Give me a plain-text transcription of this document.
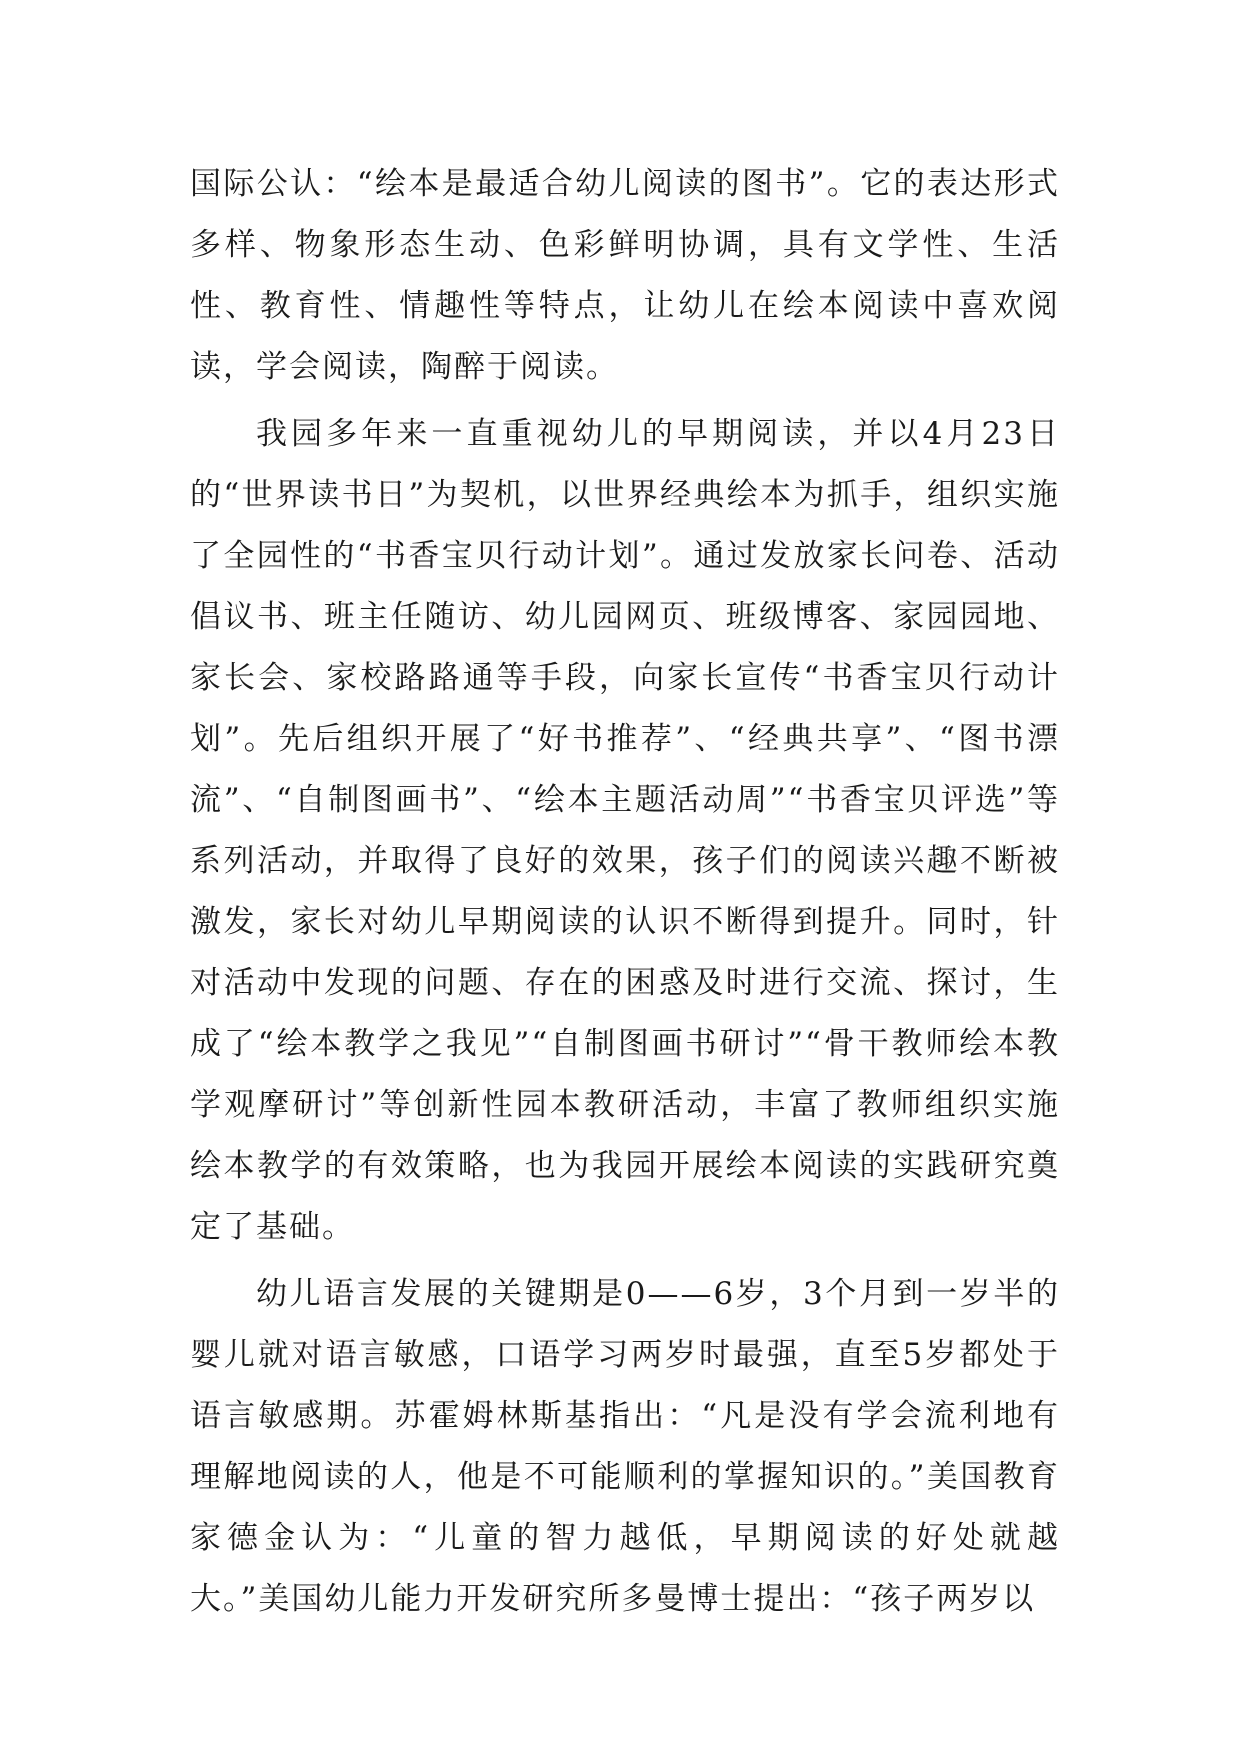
国际公认：“绘本是最适合幼儿阅读的图书”。它的表达形式多样、物象形态生动、色彩鲜明协调，具有文学性、生活性、教育性、情趣性等特点，让幼儿在绘本阅读中喜欢阅读，学会阅读，陶醉于阅读。

我园多年来一直重视幼儿的早期阅读，并以4月23日的“世界读书日”为契机，以世界经典绘本为抓手，组织实施了全园性的“书香宝贝行动计划”。通过发放家长问卷、活动倡议书、班主任随访、幼儿园网页、班级博客、家园园地、家长会、家校路路通等手段，向家长宣传“书香宝贝行动计划”。先后组织开展了“好书推荐”、“经典共享”、“图书漂流”、“自制图画书”、“绘本主题活动周”“书香宝贝评选”等系列活动，并取得了良好的效果，孩子们的阅读兴趣不断被激发，家长对幼儿早期阅读的认识不断得到提升。同时，针对活动中发现的问题、存在的困惑及时进行交流、探讨，生成了“绘本教学之我见”“自制图画书研讨”“骨干教师绘本教学观摩研讨”等创新性园本教研活动，丰富了教师组织实施绘本教学的有效策略，也为我园开展绘本阅读的实践研究奠定了基础。

幼儿语言发展的关键期是0——6岁，3个月到一岁半的婴儿就对语言敏感，口语学习两岁时最强，直至5岁都处于语言敏感期。苏霍姆林斯基指出：“凡是没有学会流利地有理解地阅读的人，他是不可能顺利的掌握知识的。”美国教育家德金认为：“儿童的智力越低，早期阅读的好处就越大。”美国幼儿能力开发研究所多曼博士提出：“孩子两岁以
